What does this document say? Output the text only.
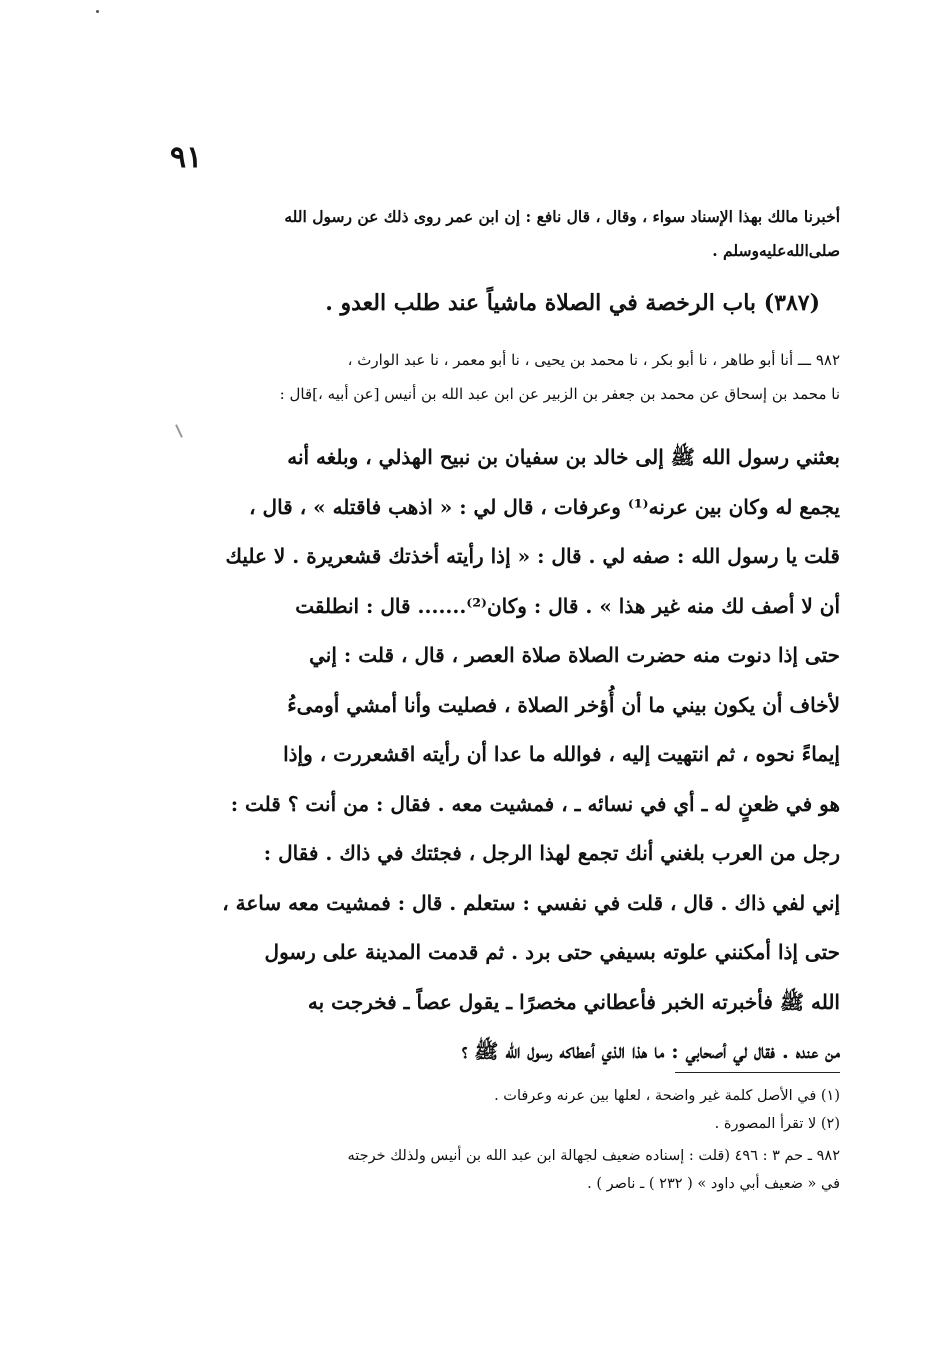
٩١
أخبرنا مالك بهذا الإسناد سواء ، وقال ، قال نافع : إن ابن عمر روى ذلك عن رسول الله
صلى‌الله‌عليه‌وسلم .
(٣٨٧) باب الرخصة في الصلاة ماشياً عند طلب العدو .
٩٨٢ ـــ أنا أبو طاهر ، نا أبو بكر ، نا محمد بن يحيى ، نا أبو معمر ، نا عبد الوارث ،
نا محمد بن إسحاق عن محمد بن جعفر بن الزبير عن ابن عبد الله بن أنيس [عن أبيه ،]قال :
بعثني رسول الله ﷺ إلى خالد بن سفيان بن نبيح الهذلي ، وبلغه أنه
يجمع له وكان بين عرنه⁽¹⁾ وعرفات ، قال لي : « اذهب فاقتله » ، قال ،
قلت يا رسول الله : صفه لي . قال : « إذا رأيته أخذتك قشعريرة . لا عليك
أن لا أصف لك منه غير هذا » . قال : وكان⁽²⁾....... قال : انطلقت
حتى إذا دنوت منه حضرت الصلاة صلاة العصر ، قال ، قلت : إني
لأخاف أن يكون بيني ما أن أُؤخر الصلاة ، فصليت وأنا أمشي أومىءُ
إيماءً نحوه ، ثم انتهيت إليه ، فوالله ما عدا أن رأيته اقشعررت ، وإذا
هو في ظعنٍ له ـ أي في نسائه ـ ، فمشيت معه . فقال : من أنت ؟ قلت :
رجل من العرب بلغني أنك تجمع لهذا الرجل ، فجئتك في ذاك . فقال :
إني لفي ذاك . قال ، قلت في نفسي : ستعلم . قال : فمشيت معه ساعة ،
حتى إذا أمكنني علوته بسيفي حتى برد . ثم قدمت المدينة على رسول
الله ﷺ فأخبرته الخبر فأعطاني مخصرًا ـ يقول عصاً ـ فخرجت به
من عنده . فقال لي أصحابي : ما هذا الذي أعطاكه رسول الله ﷺ ؟
(١) في الأصل كلمة غير واضحة ، لعلها بين عرنه وعرفات .
(٢) لا تقرأ المصورة .
٩٨٢ ـ حم ٣ : ٤٩٦ (قلت : إسناده ضعيف لجهالة ابن عبد الله بن أنيس ولذلك خرجته
في « ضعيف أبي داود » ( ٢٣٢ ) ـ ناصر ) .
